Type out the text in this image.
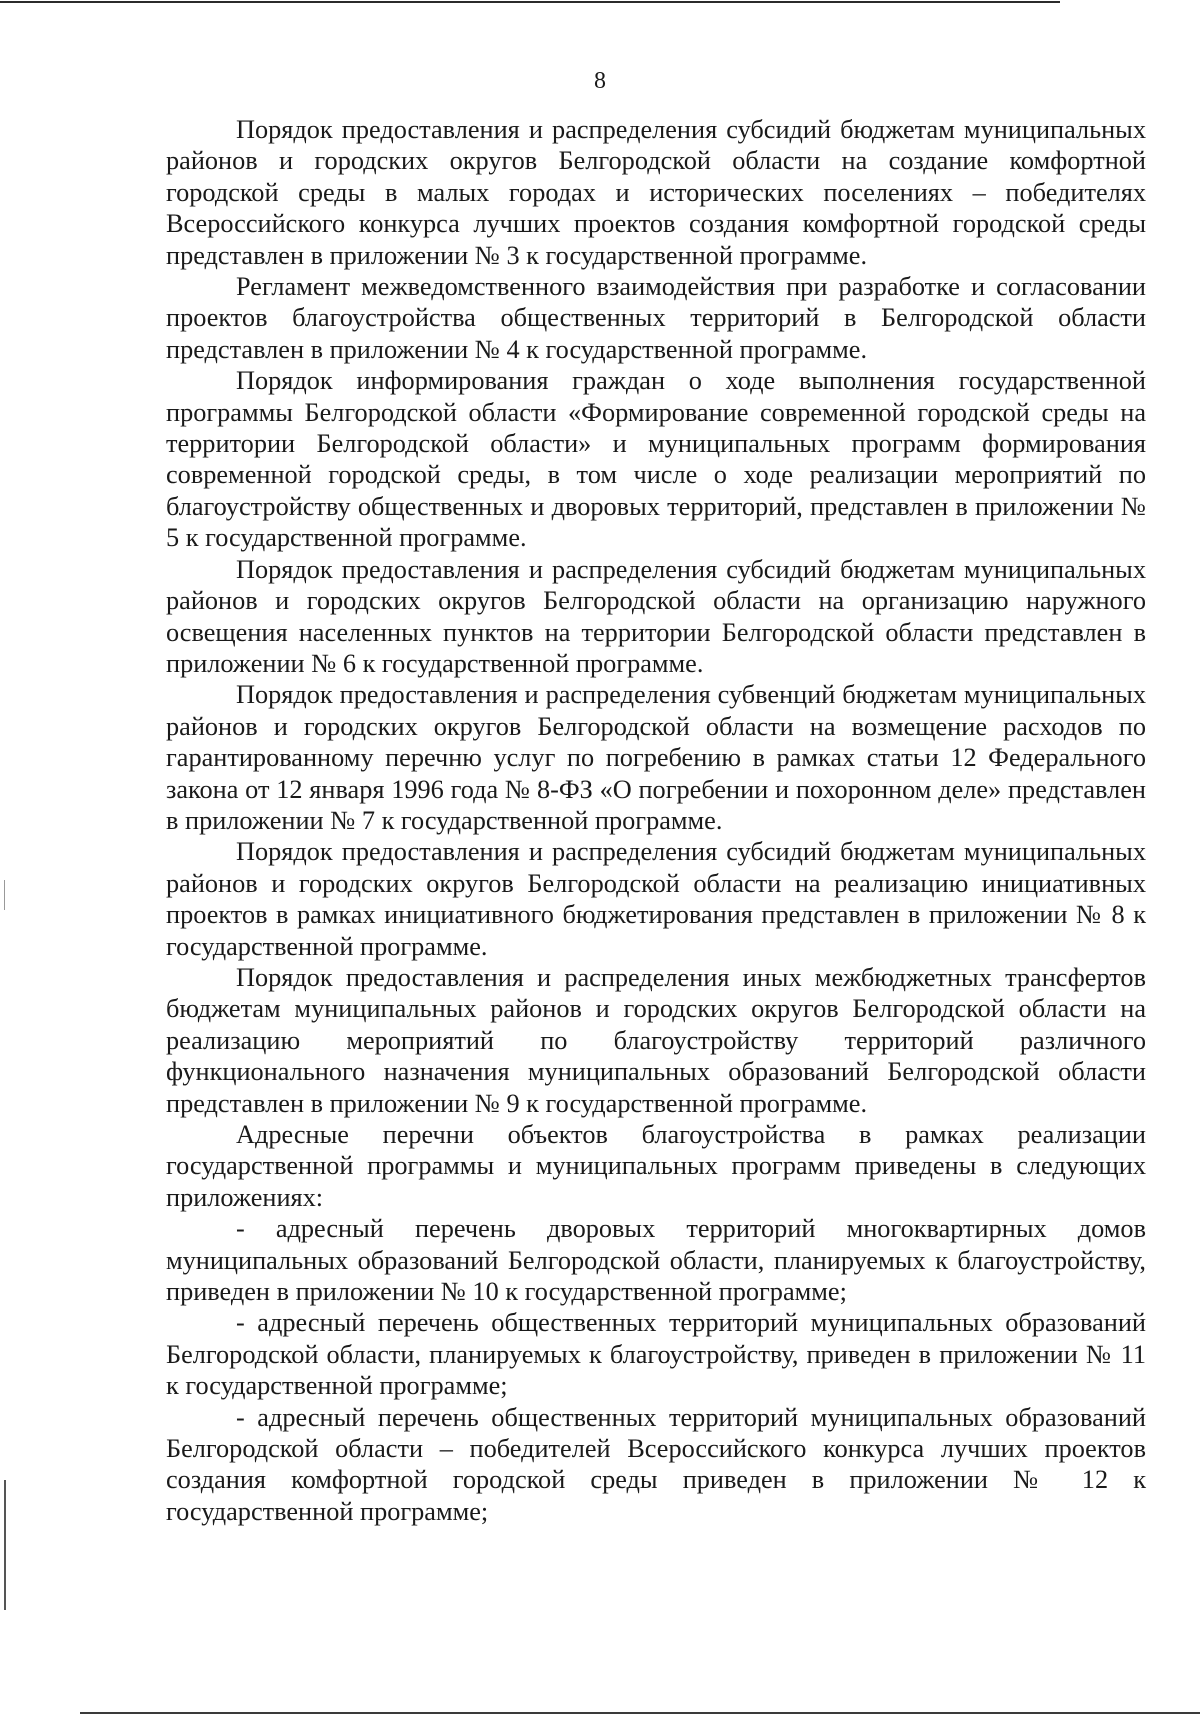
8

Порядок предоставления и распределения субсидий бюджетам муниципальных районов и городских округов Белгородской области на создание комфортной городской среды в малых городах и исторических поселениях – победителях Всероссийского конкурса лучших проектов создания комфортной городской среды представлен в приложении № 3 к государственной программе.

Регламент межведомственного взаимодействия при разработке и согласовании проектов благоустройства общественных территорий в Белгородской области представлен в приложении № 4 к государственной программе.

Порядок информирования граждан о ходе выполнения государственной программы Белгородской области «Формирование современной городской среды на территории Белгородской области» и муниципальных программ формирования современной городской среды, в том числе о ходе реализации мероприятий по благоустройству общественных и дворовых территорий, представлен в приложении № 5 к государственной программе.

Порядок предоставления и распределения субсидий бюджетам муниципальных районов и городских округов Белгородской области на организацию наружного освещения населенных пунктов на территории Белгородской области представлен в приложении № 6 к государственной программе.

Порядок предоставления и распределения субвенций бюджетам муниципальных районов и городских округов Белгородской области на возмещение расходов по гарантированному перечню услуг по погребению в рамках статьи 12 Федерального закона от 12 января 1996 года № 8-ФЗ «О погребении и похоронном деле» представлен в приложении № 7 к государственной программе.

Порядок предоставления и распределения субсидий бюджетам муниципальных районов и городских округов Белгородской области на реализацию инициативных проектов в рамках инициативного бюджетирования представлен в приложении № 8 к государственной программе.

Порядок предоставления и распределения иных межбюджетных трансфертов бюджетам муниципальных районов и городских округов Белгородской области на реализацию мероприятий по благоустройству территорий различного функционального назначения муниципальных образований Белгородской области представлен в приложении № 9 к государственной программе.

Адресные перечни объектов благоустройства в рамках реализации государственной программы и муниципальных программ приведены в следующих приложениях:

- адресный перечень дворовых территорий многоквартирных домов муниципальных образований Белгородской области, планируемых к благоустройству, приведен в приложении № 10 к государственной программе;

- адресный перечень общественных территорий муниципальных образований Белгородской области, планируемых к благоустройству, приведен в приложении № 11 к государственной программе;

- адресный перечень общественных территорий муниципальных образований Белгородской области – победителей Всероссийского конкурса лучших проектов создания комфортной городской среды приведен в приложении № 12 к государственной программе;
